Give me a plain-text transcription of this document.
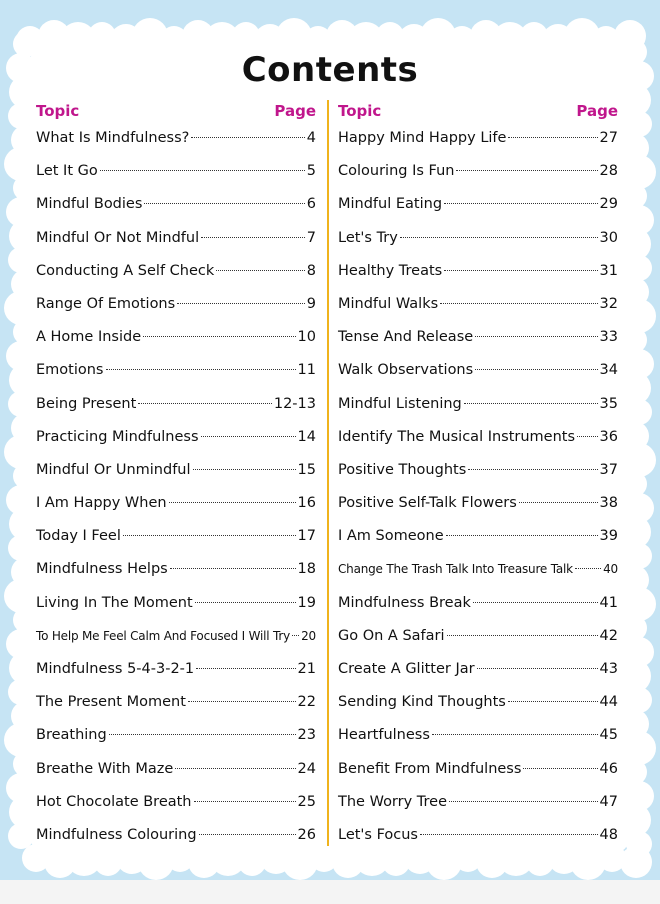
Contents
Topic	Page
What Is Mindfulness?	4
Let It Go	5
Mindful Bodies	6
Mindful Or Not Mindful	7
Conducting A Self Check	8
Range Of Emotions	9
A Home Inside	10
Emotions	11
Being Present	12-13
Practicing Mindfulness	14
Mindful Or Unmindful	15
I Am Happy When	16
Today I Feel	17
Mindfulness Helps	18
Living In The Moment	19
To Help Me Feel Calm And Focused I Will Try 20
Mindfulness 5-4-3-2-1	21
The Present Moment	22
Breathing	23
Breathe With Maze	24
Hot Chocolate Breath	25
Mindfulness Colouring	26
Topic	Page
Happy Mind Happy Life	27
Colouring Is Fun	28
Mindful Eating	29
Let's Try	30
Healthy Treats	31
Mindful Walks	32
Tense And Release	33
Walk Observations	34
Mindful Listening	35
Identify The Musical Instruments 36
Positive Thoughts	37
Positive Self-Talk Flowers	38
I Am Someone	39
Change The Trash Talk Into Treasure Talk	40
Mindfulness Break	41
Go On A Safari	42
Create A Glitter Jar	43
Sending Kind Thoughts	44
Heartfulness	45
Benefit From Mindfulness	46
The Worry Tree	47
Let's Focus	48
